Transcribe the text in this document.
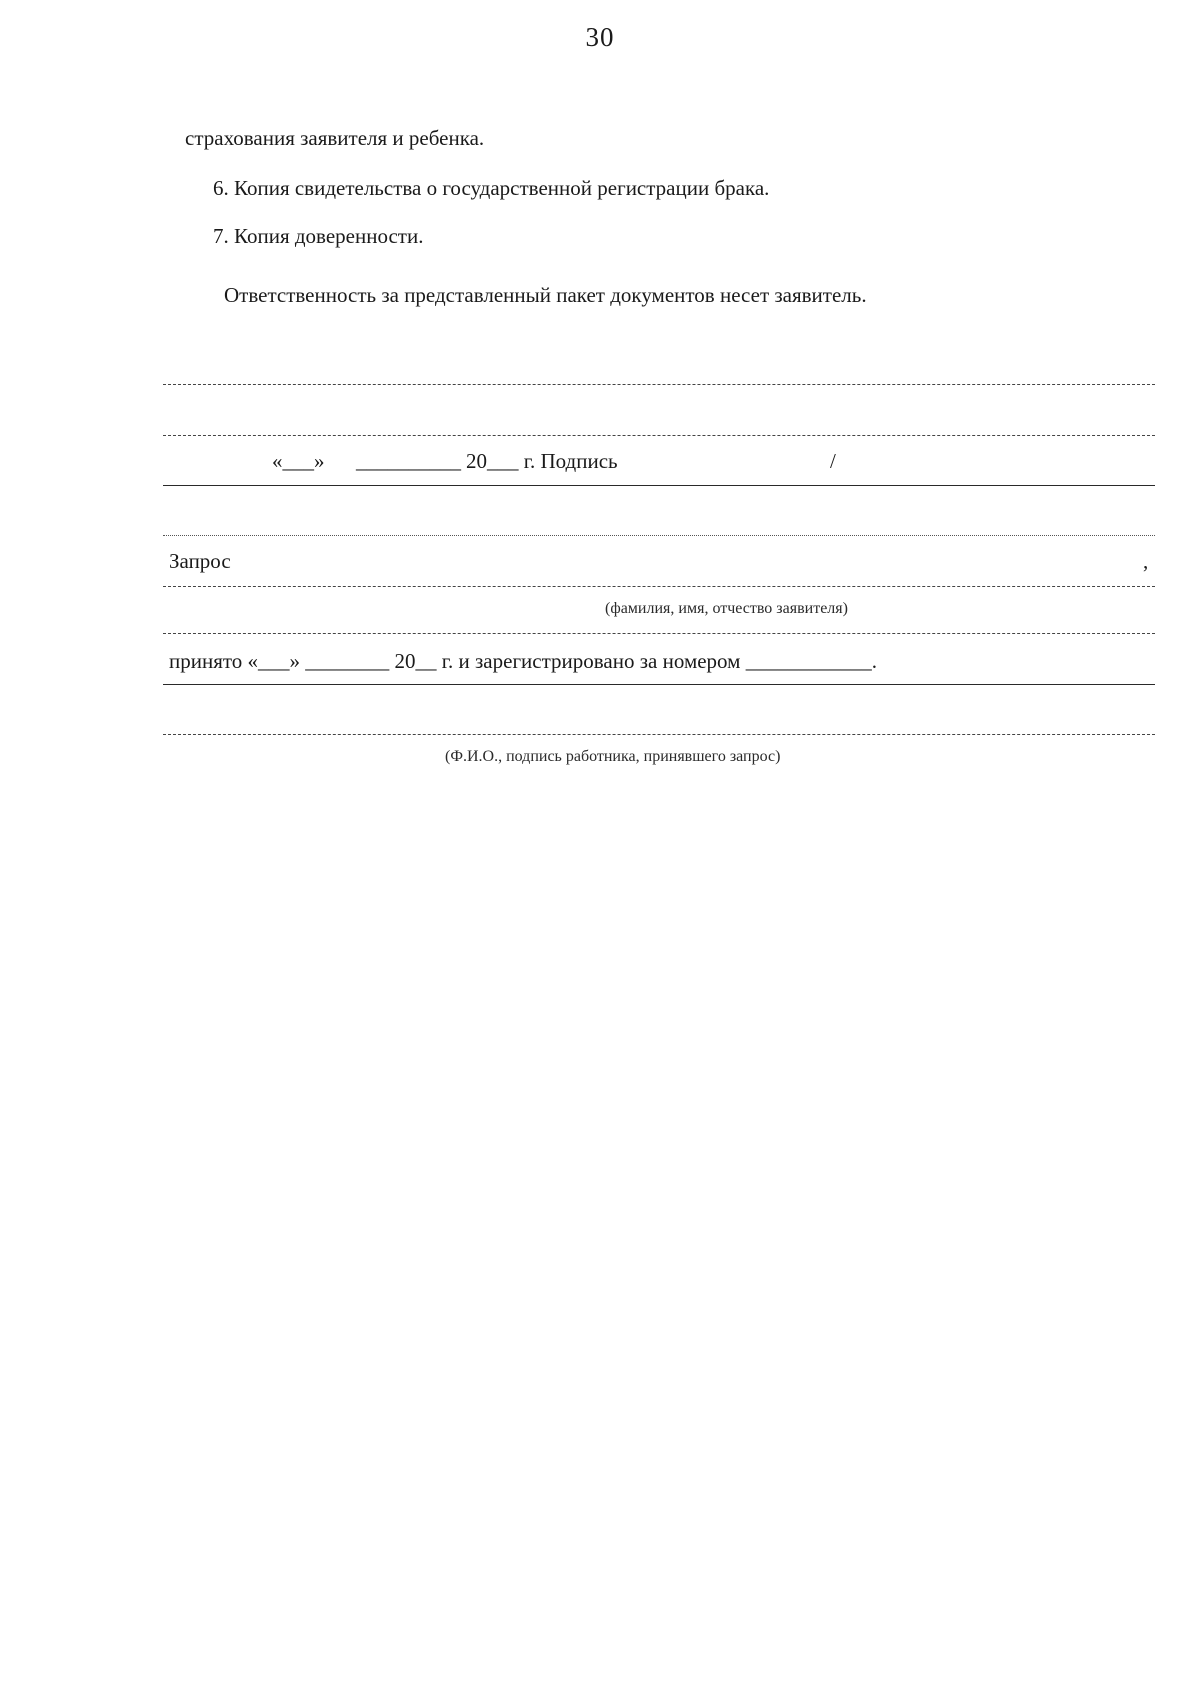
30
страхования заявителя и ребенка.
6. Копия свидетельства о государственной регистрации брака.
7. Копия доверенности.
Ответственность за представленный пакет документов несет заявитель.
«___» __________ 20___ г. Подпись	/
Запрос	,
(фамилия, имя, отчество заявителя)
принято «___» ________ 20__ г. и зарегистрировано за номером ____________.
(Ф.И.О., подпись работника, принявшего запрос)
